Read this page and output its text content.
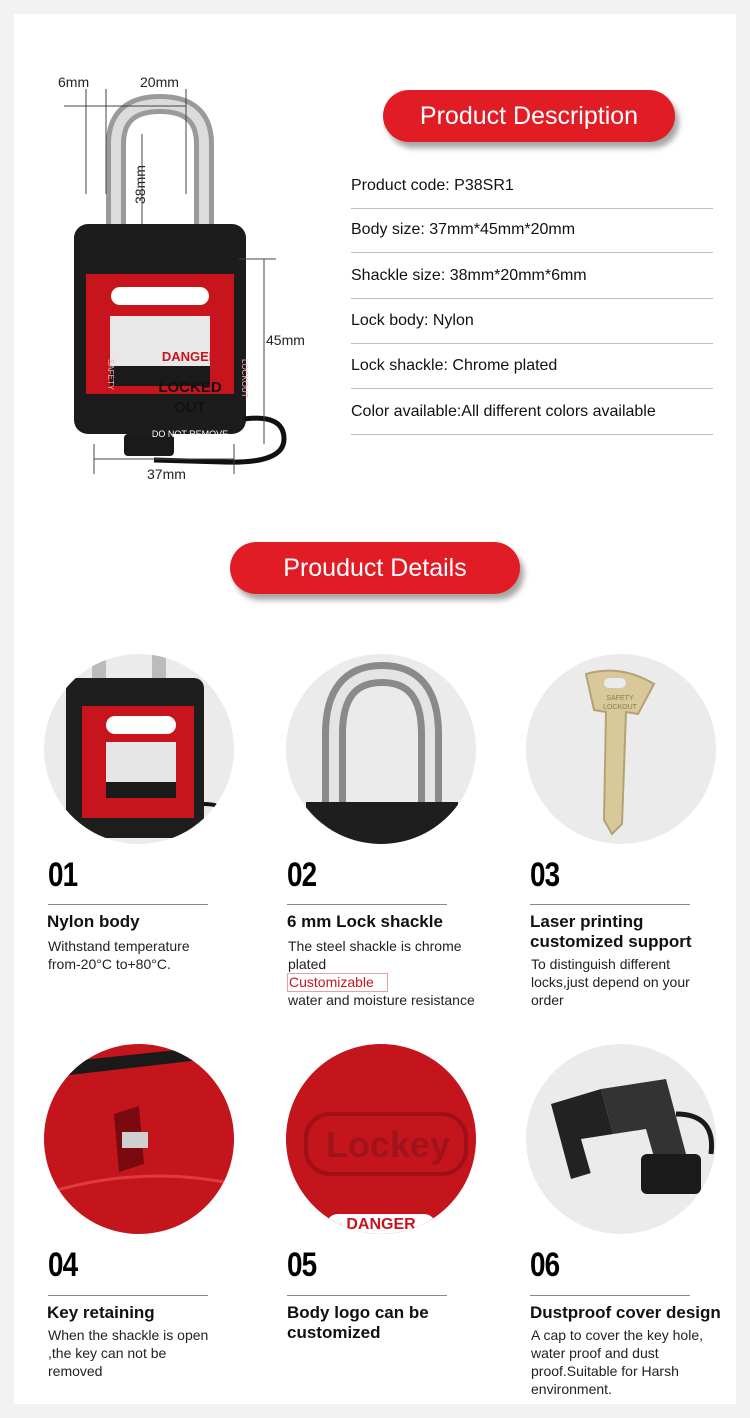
6mm	20mm
38mm
45mm
37mm
DANGER
LOCKED
OUT
DO NOT REMOVE
SAFETY	LOCKOUT
Product Description
Product code: P38SR1
Body size: 37mm*45mm*20mm
Shackle size: 38mm*20mm*6mm
Lock body: Nylon
Lock shackle: Chrome plated
Color available:All different colors available
Prouduct Details
SAFETY LOCKOUT
01
Nylon body
Withstand temperature from-20°C to+80°C.
02
6 mm Lock shackle
The steel shackle is chrome plated
Customizable
water and moisture resistance
03
Laser printing customized support
To distinguish different locks,just depend on your order
Lockey
DANGER
04
Key retaining
When the shackle is open ,the key can not be removed
05
Body logo can be customized
06
Dustproof cover design
A cap to cover the key hole, water proof and dust proof.Suitable for Harsh environment.
